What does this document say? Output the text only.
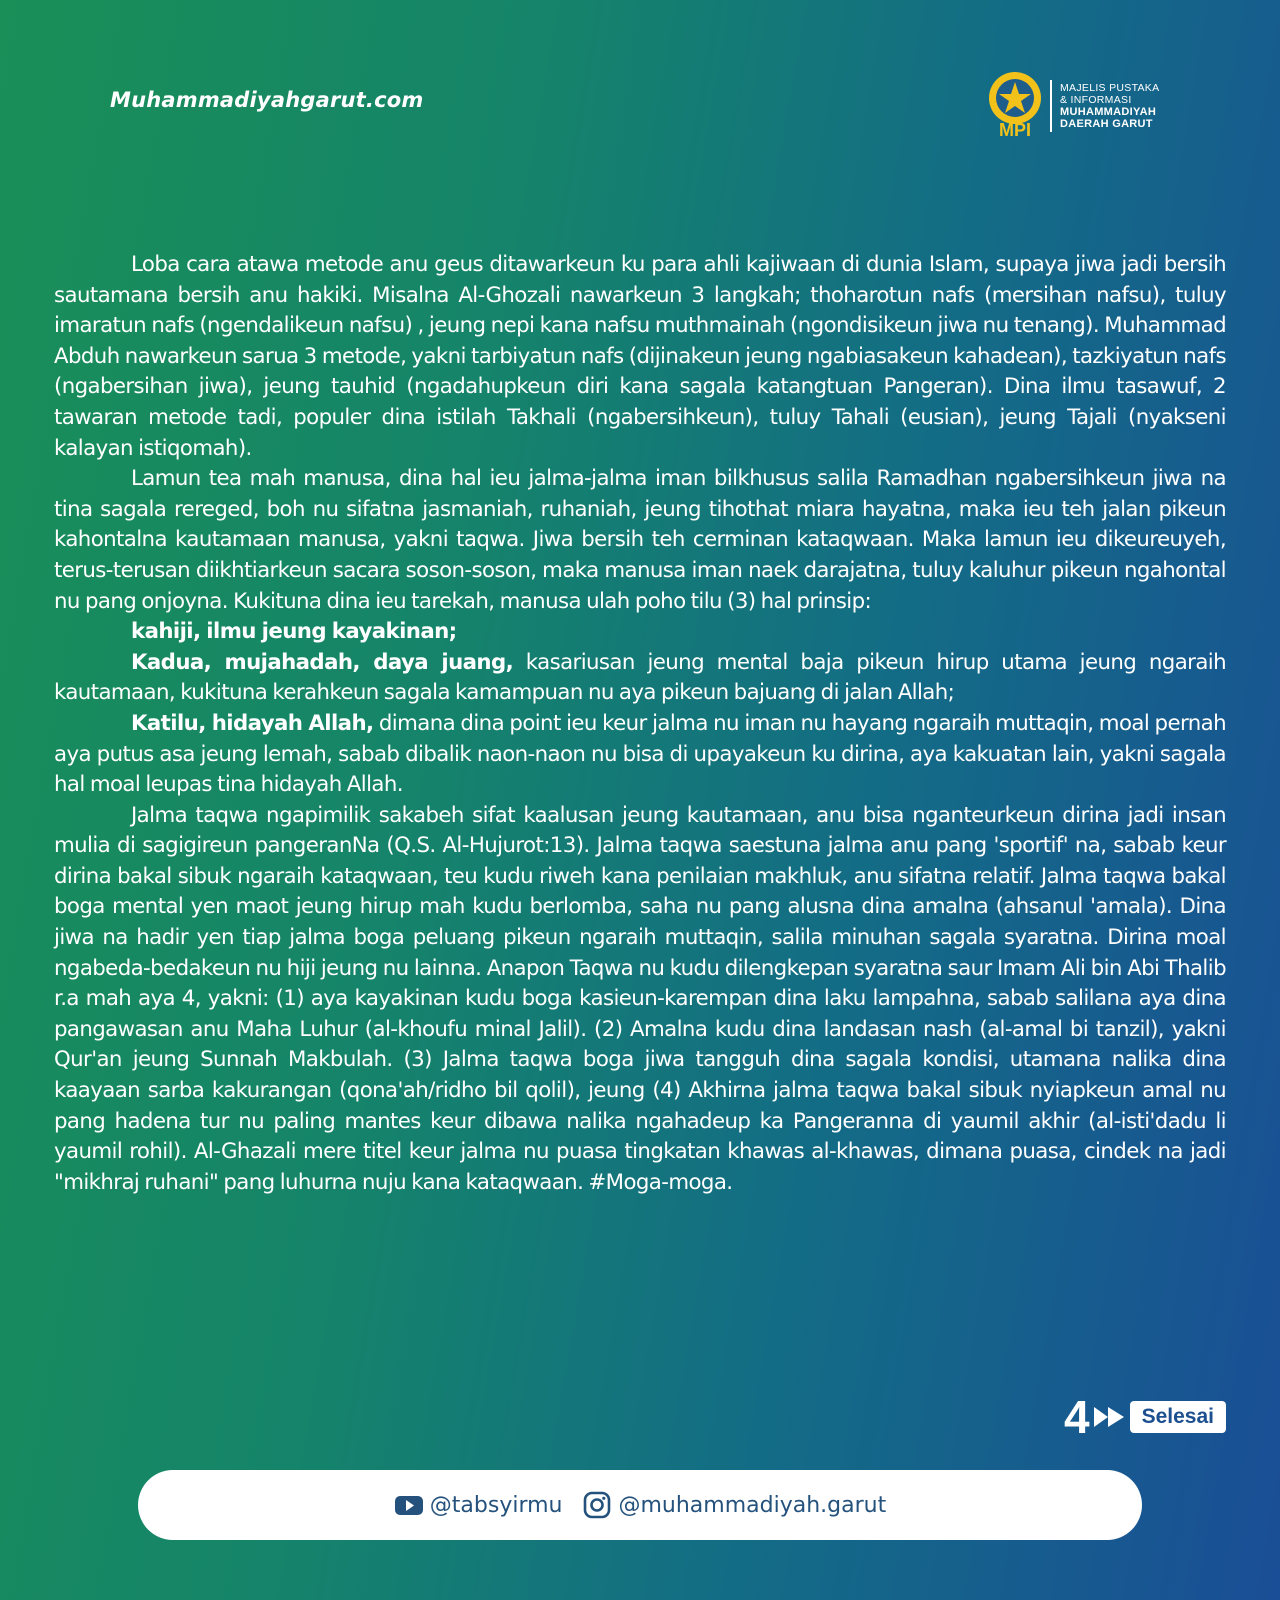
Muhammadiyahgarut.com
MPI
MAJELIS PUSTAKA
& INFORMASI
MUHAMMADIYAH
DAERAH GARUT

Loba cara atawa metode anu geus ditawarkeun ku para ahli kajiwaan di dunia Islam, supaya jiwa jadi bersih sautamana bersih anu hakiki. Misalna Al-Ghozali nawarkeun 3 langkah; thoharotun nafs (mersihan nafsu), tuluy imaratun nafs (ngendalikeun nafsu) , jeung nepi kana nafsu muthmainah (ngondisikeun jiwa nu tenang). Muhammad Abduh nawarkeun sarua 3 metode, yakni tarbiyatun nafs (dijinakeun jeung ngabiasakeun kahadean), tazkiyatun nafs (ngabersihan jiwa), jeung tauhid (ngadahupkeun diri kana sagala katangtuan Pangeran). Dina ilmu tasawuf, 2 tawaran metode tadi, populer dina istilah Takhali (ngabersihkeun), tuluy Tahali (eusian), jeung Tajali (nyakseni kalayan istiqomah).

Lamun tea mah manusa, dina hal ieu jalma-jalma iman bilkhusus salila Ramadhan ngabersihkeun jiwa na tina sagala rereged, boh nu sifatna jasmaniah, ruhaniah, jeung tihothat miara hayatna, maka ieu teh jalan pikeun kahontalna kautamaan manusa, yakni taqwa. Jiwa bersih teh cerminan kataqwaan. Maka lamun ieu dikeureuyeh, terus-terusan diikhtiarkeun sacara soson-soson, maka manusa iman naek darajatna, tuluy kaluhur pikeun ngahontal nu pang onjoyna. Kukituna dina ieu tarekah, manusa ulah poho tilu (3) hal prinsip:

kahiji, ilmu jeung kayakinan;

Kadua, mujahadah, daya juang, kasariusan jeung mental baja pikeun hirup utama jeung ngaraih kautamaan, kukituna kerahkeun sagala kamampuan nu aya pikeun bajuang di jalan Allah;

Katilu, hidayah Allah, dimana dina point ieu keur jalma nu iman nu hayang ngaraih muttaqin, moal pernah aya putus asa jeung lemah, sabab dibalik naon-naon nu bisa di upayakeun ku dirina, aya kakuatan lain, yakni sagala hal moal leupas tina hidayah Allah.

Jalma taqwa ngapimilik sakabeh sifat kaalusan jeung kautamaan, anu bisa nganteurkeun dirina jadi insan mulia di sagigireun pangeranNa (Q.S. Al-Hujurot:13). Jalma taqwa saestuna jalma anu pang 'sportif' na, sabab keur dirina bakal sibuk ngaraih kataqwaan, teu kudu riweh kana penilaian makhluk, anu sifatna relatif. Jalma taqwa bakal boga mental yen maot jeung hirup mah kudu berlomba, saha nu pang alusna dina amalna (ahsanul 'amala). Dina jiwa na hadir yen tiap jalma boga peluang pikeun ngaraih muttaqin, salila minuhan sagala syaratna. Dirina moal ngabeda-bedakeun nu hiji jeung nu lainna. Anapon Taqwa nu kudu dilengkepan syaratna saur Imam Ali bin Abi Thalib r.a mah aya 4, yakni: (1) aya kayakinan kudu boga kasieun-karempan dina laku lampahna, sabab salilana aya dina pangawasan anu Maha Luhur (al-khoufu minal Jalil). (2) Amalna kudu dina landasan nash (al-amal bi tanzil), yakni Qur'an jeung Sunnah Makbulah. (3) Jalma taqwa boga jiwa tangguh dina sagala kondisi, utamana nalika dina kaayaan sarba kakurangan (qona'ah/ridho bil qolil), jeung (4) Akhirna jalma taqwa bakal sibuk nyiapkeun amal nu pang hadena tur nu paling mantes keur dibawa nalika ngahadeup ka Pangeranna di yaumil akhir (al-isti'dadu li yaumil rohil). Al-Ghazali mere titel keur jalma nu puasa tingkatan khawas al-khawas, dimana puasa, cindek na jadi "mikhraj ruhani" pang luhurna nuju kana kataqwaan. #Moga-moga.

4	Selesai
@tabsyirmu	@muhammadiyah.garut
